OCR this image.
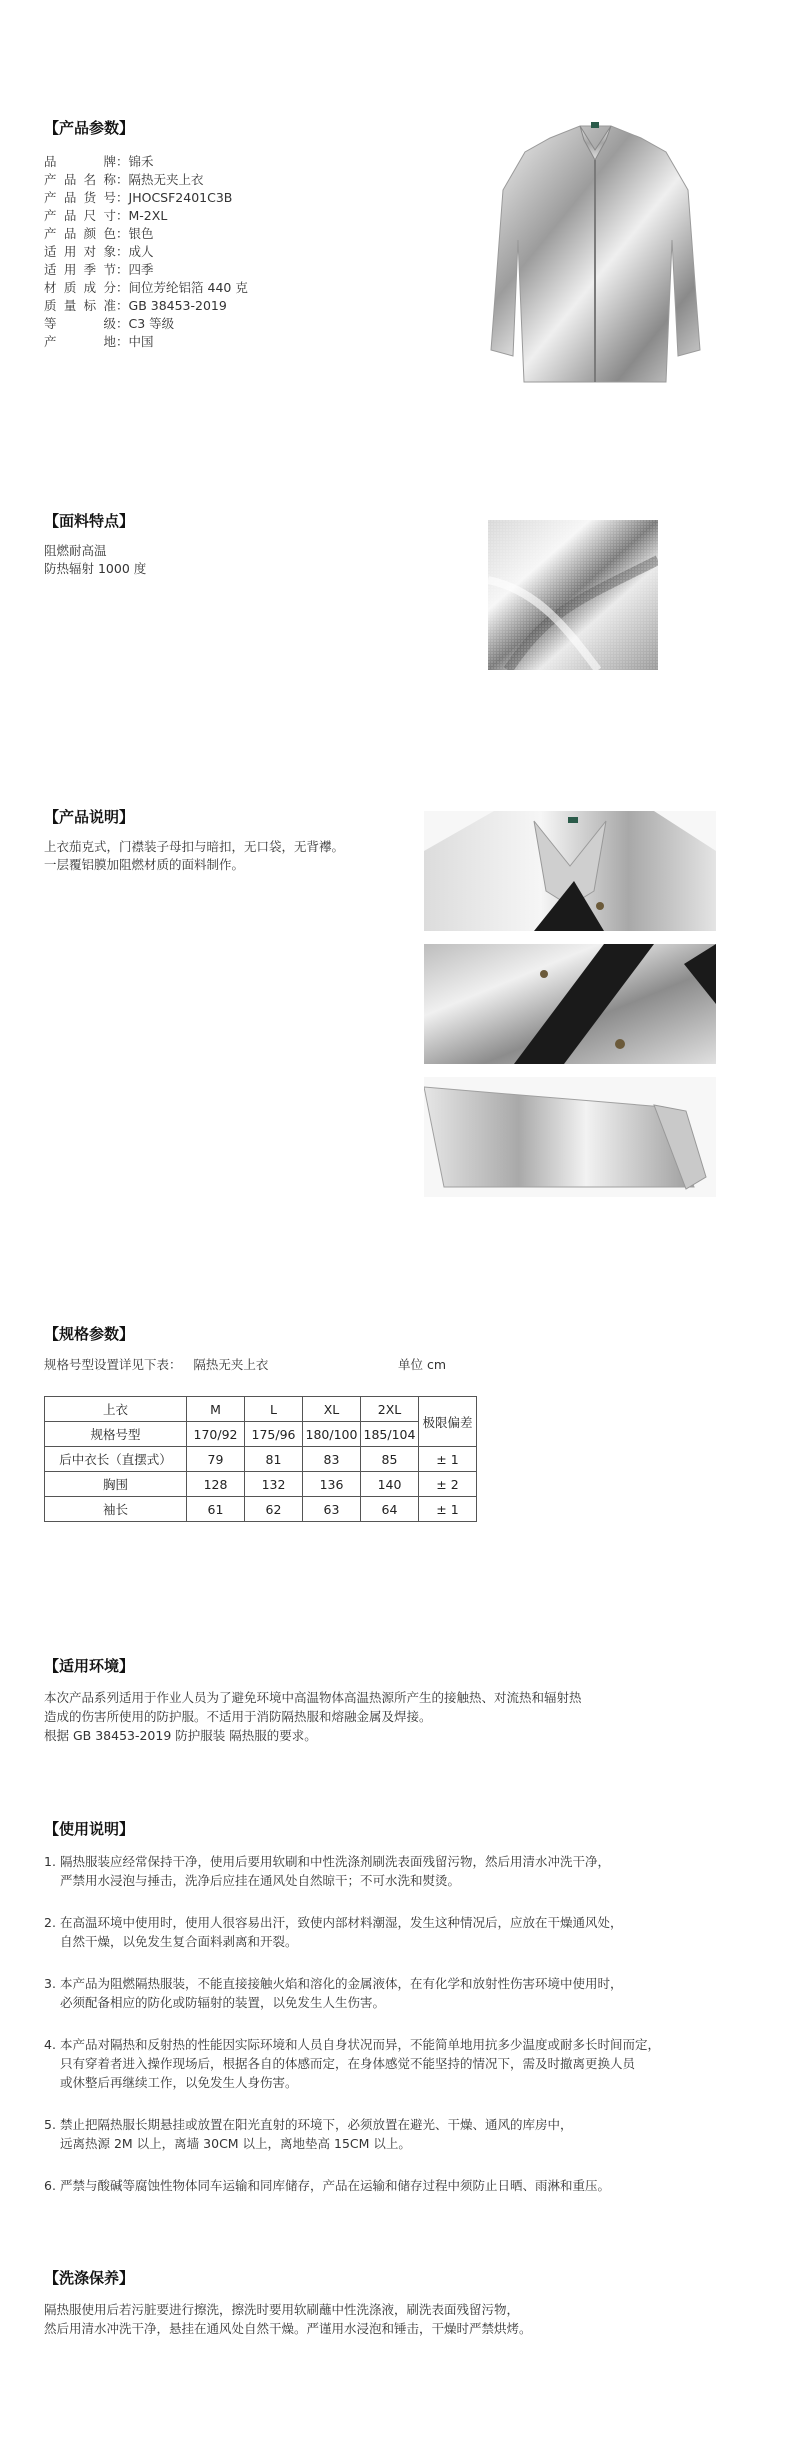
【产品参数】
品牌 ： 锦禾
产品名称 ： 隔热无夹上衣
产品货号 ： JHOCSF2401C3B
产品尺寸 ： M-2XL
产品颜色 ： 银色
适用对象 ： 成人
适用季节 ： 四季
材质成分 ： 间位芳纶铝箔 440 克
质量标准 ： GB 38453-2019
等级 ： C3 等级
产地 ： 中国
【面料特点】
阻燃耐高温
防热辐射 1000 度
【产品说明】
上衣茄克式，门襟装子母扣与暗扣，无口袋，无背襻。
一层覆铝膜加阻燃材质的面料制作。
【规格参数】
规格号型设置详见下表：   隔热无夹上衣	单位 cm
上衣	M	L	XL	2XL	极限偏差
规格号型	170/92	175/96	180/100	185/104	
后中衣长（直摆式）	79	81	83	85	± 1
胸围	128	132	136	140	± 2
袖长	61	62	63	64	± 1
【适用环境】
本次产品系列适用于作业人员为了避免环境中高温物体高温热源所产生的接触热、对流热和辐射热
造成的伤害所使用的防护服。不适用于消防隔热服和熔融金属及焊接。
根据 GB 38453-2019 防护服装 隔热服的要求。
【使用说明】
1. 隔热服装应经常保持干净，使用后要用软刷和中性洗涤剂刷洗表面残留污物，然后用清水冲洗干净，
严禁用水浸泡与捶击，洗净后应挂在通风处自然晾干；不可水洗和熨烫。
2. 在高温环境中使用时，使用人很容易出汗，致使内部材料潮湿，发生这种情况后，应放在干燥通风处，
自然干燥，以免发生复合面料剥离和开裂。
3. 本产品为阻燃隔热服装，不能直接接触火焰和溶化的金属液体，在有化学和放射性伤害环境中使用时，
必须配备相应的防化或防辐射的装置，以免发生人生伤害。
4. 本产品对隔热和反射热的性能因实际环境和人员自身状况而异，不能简单地用抗多少温度或耐多长时间而定，
只有穿着者进入操作现场后，根据各自的体感而定，在身体感觉不能坚持的情况下，需及时撤离更换人员
或休整后再继续工作，以免发生人身伤害。
5. 禁止把隔热服长期悬挂或放置在阳光直射的环境下，必须放置在避光、干燥、通风的库房中，
远离热源 2M 以上，离墙 30CM 以上，离地垫高 15CM 以上。
6. 严禁与酸碱等腐蚀性物体同车运输和同库储存，产品在运输和储存过程中须防止日晒、雨淋和重压。
【洗涤保养】
隔热服使用后若污脏要进行擦洗，擦洗时要用软刷蘸中性洗涤液，刷洗表面残留污物，
然后用清水冲洗干净，悬挂在通风处自然干燥。严谨用水浸泡和锤击，干燥时严禁烘烤。
